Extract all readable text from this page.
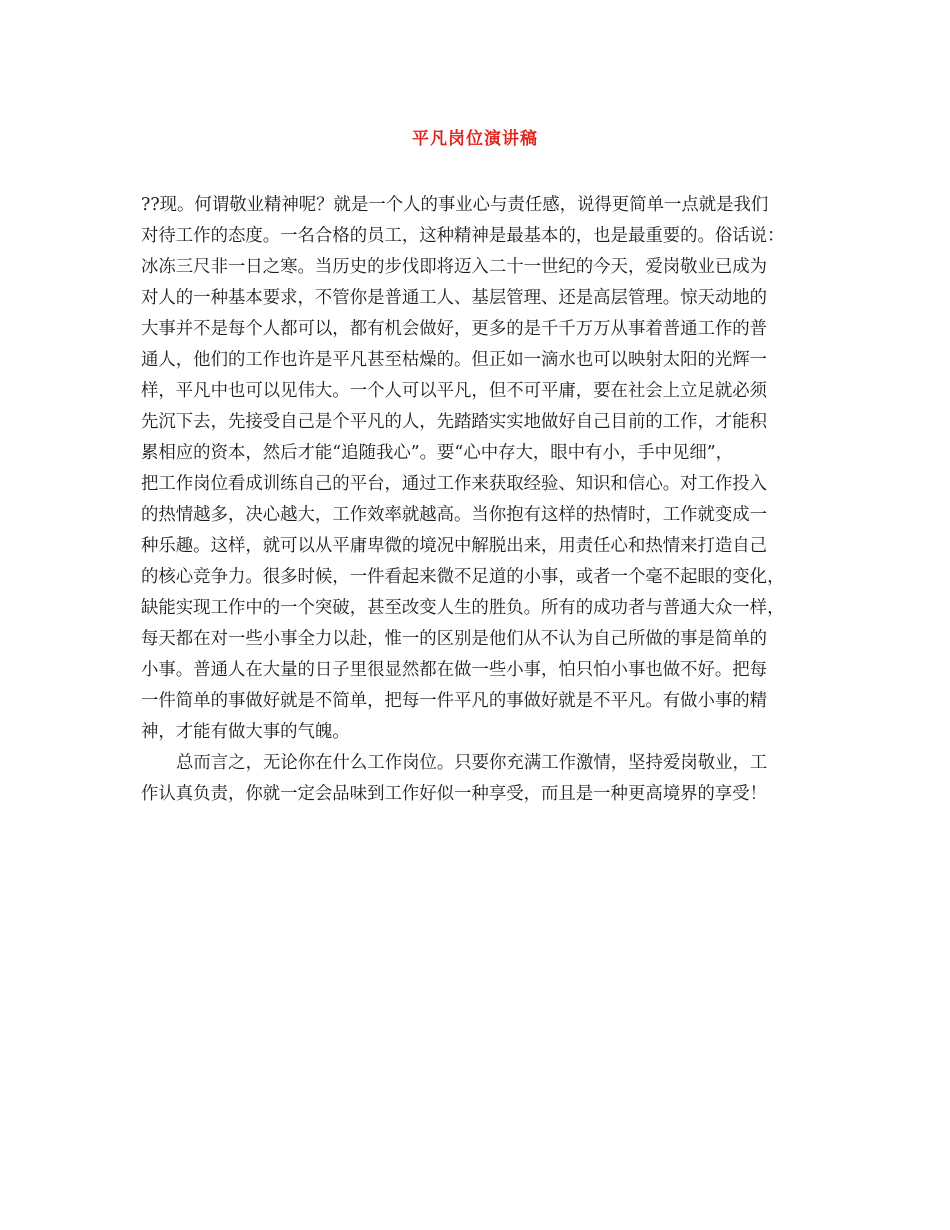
平凡岗位演讲稿
??现。何谓敬业精神呢？就是一个人的事业心与责任感，说得更简单一点就是我们
对待工作的态度。一名合格的员工，这种精神是最基本的，也是最重要的。俗话说：
冰冻三尺非一日之寒。当历史的步伐即将迈入二十一世纪的今天，爱岗敬业已成为
对人的一种基本要求，不管你是普通工人、基层管理、还是高层管理。惊天动地的
大事并不是每个人都可以，都有机会做好，更多的是千千万万从事着普通工作的普
通人，他们的工作也许是平凡甚至枯燥的。但正如一滴水也可以映射太阳的光辉一
样，平凡中也可以见伟大。一个人可以平凡，但不可平庸，要在社会上立足就必须
先沉下去，先接受自己是个平凡的人，先踏踏实实地做好自己目前的工作，才能积
累相应的资本，然后才能“追随我心”。要“心中存大，眼中有小，手中见细”，
把工作岗位看成训练自己的平台，通过工作来获取经验、知识和信心。对工作投入
的热情越多，决心越大，工作效率就越高。当你抱有这样的热情时，工作就变成一
种乐趣。这样，就可以从平庸卑微的境况中解脱出来，用责任心和热情来打造自己
的核心竞争力。很多时候，一件看起来微不足道的小事，或者一个毫不起眼的变化，
缺能实现工作中的一个突破，甚至改变人生的胜负。所有的成功者与普通大众一样，
每天都在对一些小事全力以赴，惟一的区别是他们从不认为自己所做的事是简单的
小事。普通人在大量的日子里很显然都在做一些小事，怕只怕小事也做不好。把每
一件简单的事做好就是不简单，把每一件平凡的事做好就是不平凡。有做小事的精
神，才能有做大事的气魄。
总而言之，无论你在什么工作岗位。只要你充满工作激情，坚持爱岗敬业，工
作认真负责，你就一定会品味到工作好似一种享受，而且是一种更高境界的享受！
